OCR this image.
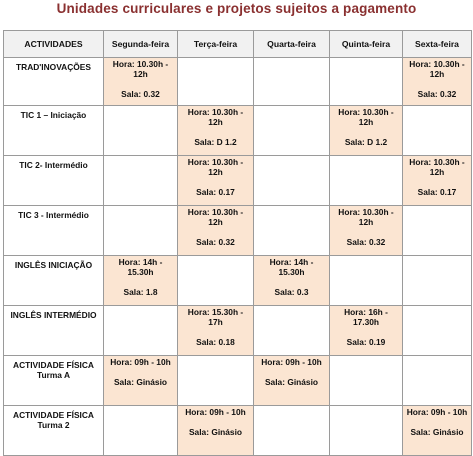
Unidades curriculares e projetos sujeitos a pagamento
ACTIVIDADES	Segunda-feira	Terça-feira	Quarta-feira	Quinta-feira	Sexta-feira

TRAD'INOVAÇÕES	Hora: 10.30h -
12h
Sala: 0.32				Hora: 10.30h -
12h
Sala: 0.32

TIC 1 – Iniciação		Hora: 10.30h -
12h
Sala: D 1.2		Hora: 10.30h -
12h
Sala: D 1.2	

TIC 2- Intermédio		Hora: 10.30h -
12h
Sala: 0.17			Hora: 10.30h -
12h
Sala: 0.17

TIC 3 - Intermédio		Hora: 10.30h -
12h
Sala: 0.32		Hora: 10.30h -
12h
Sala: 0.32	

INGLÊS INICIAÇÃO	Hora: 14h -
15.30h
Sala: 1.8		Hora: 14h -
15.30h
Sala: 0.3		

INGLÊS INTERMÉDIO		Hora: 15.30h -
17h
Sala: 0.18		Hora: 16h -
17.30h
Sala: 0.19	

ACTIVIDADE FÍSICA
Turma A	Hora: 09h - 10h
Sala: Ginásio		Hora: 09h - 10h
Sala: Ginásio		

ACTIVIDADE FÍSICA
Turma 2		Hora: 09h - 10h
Sala: Ginásio			Hora: 09h - 10h
Sala: Ginásio
